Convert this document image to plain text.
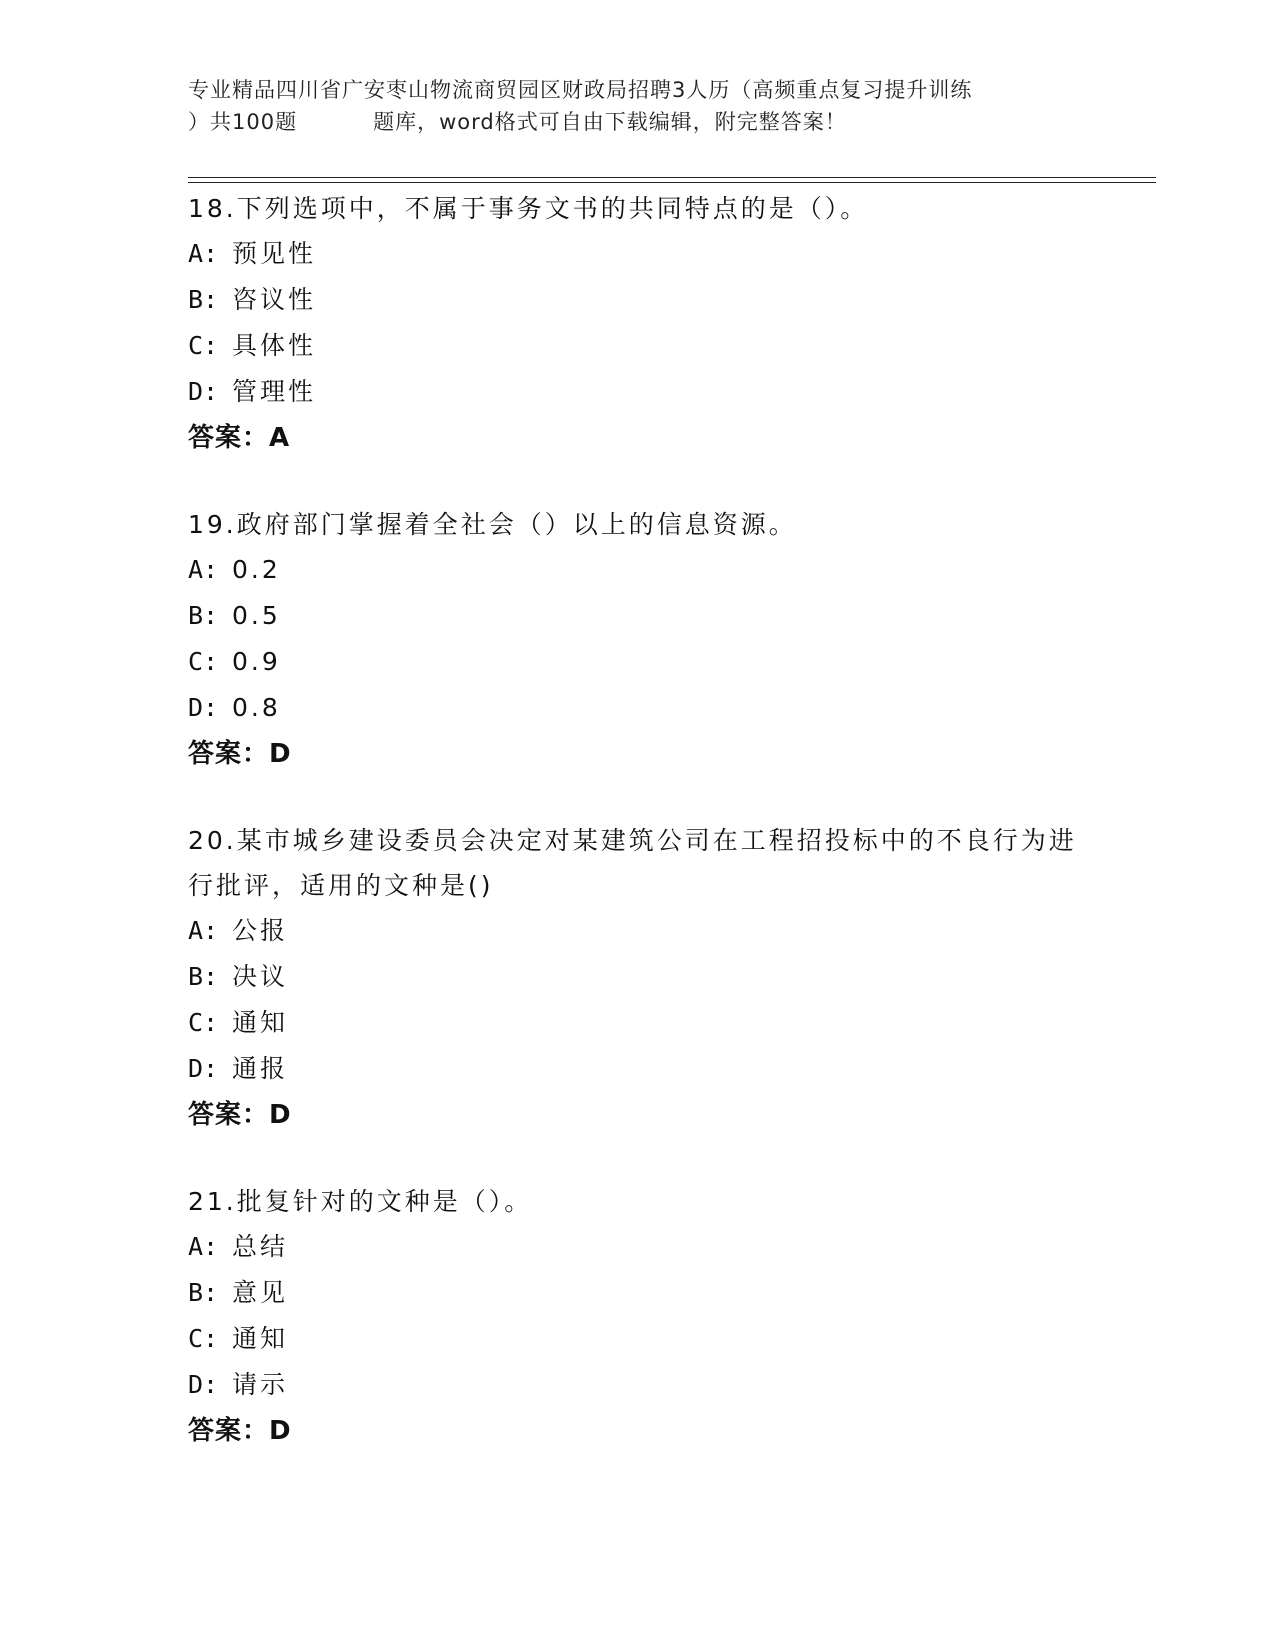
专业精品四川省广安枣山物流商贸园区财政局招聘3人历（高频重点复习提升训练
）共100题	题库，word格式可自由下载编辑，附完整答案！
18.下列选项中，不属于事务文书的共同特点的是（）。
A: 预见性
B: 咨议性
C: 具体性
D: 管理性
答案：A
19.政府部门掌握着全社会（）以上的信息资源。
A: 0.2
B: 0.5
C: 0.9
D: 0.8
答案：D
20.某市城乡建设委员会决定对某建筑公司在工程招投标中的不良行为进行批评，适用的文种是()
A: 公报
B: 决议
C: 通知
D: 通报
答案：D
21.批复针对的文种是（）。
A: 总结
B: 意见
C: 通知
D: 请示
答案：D
